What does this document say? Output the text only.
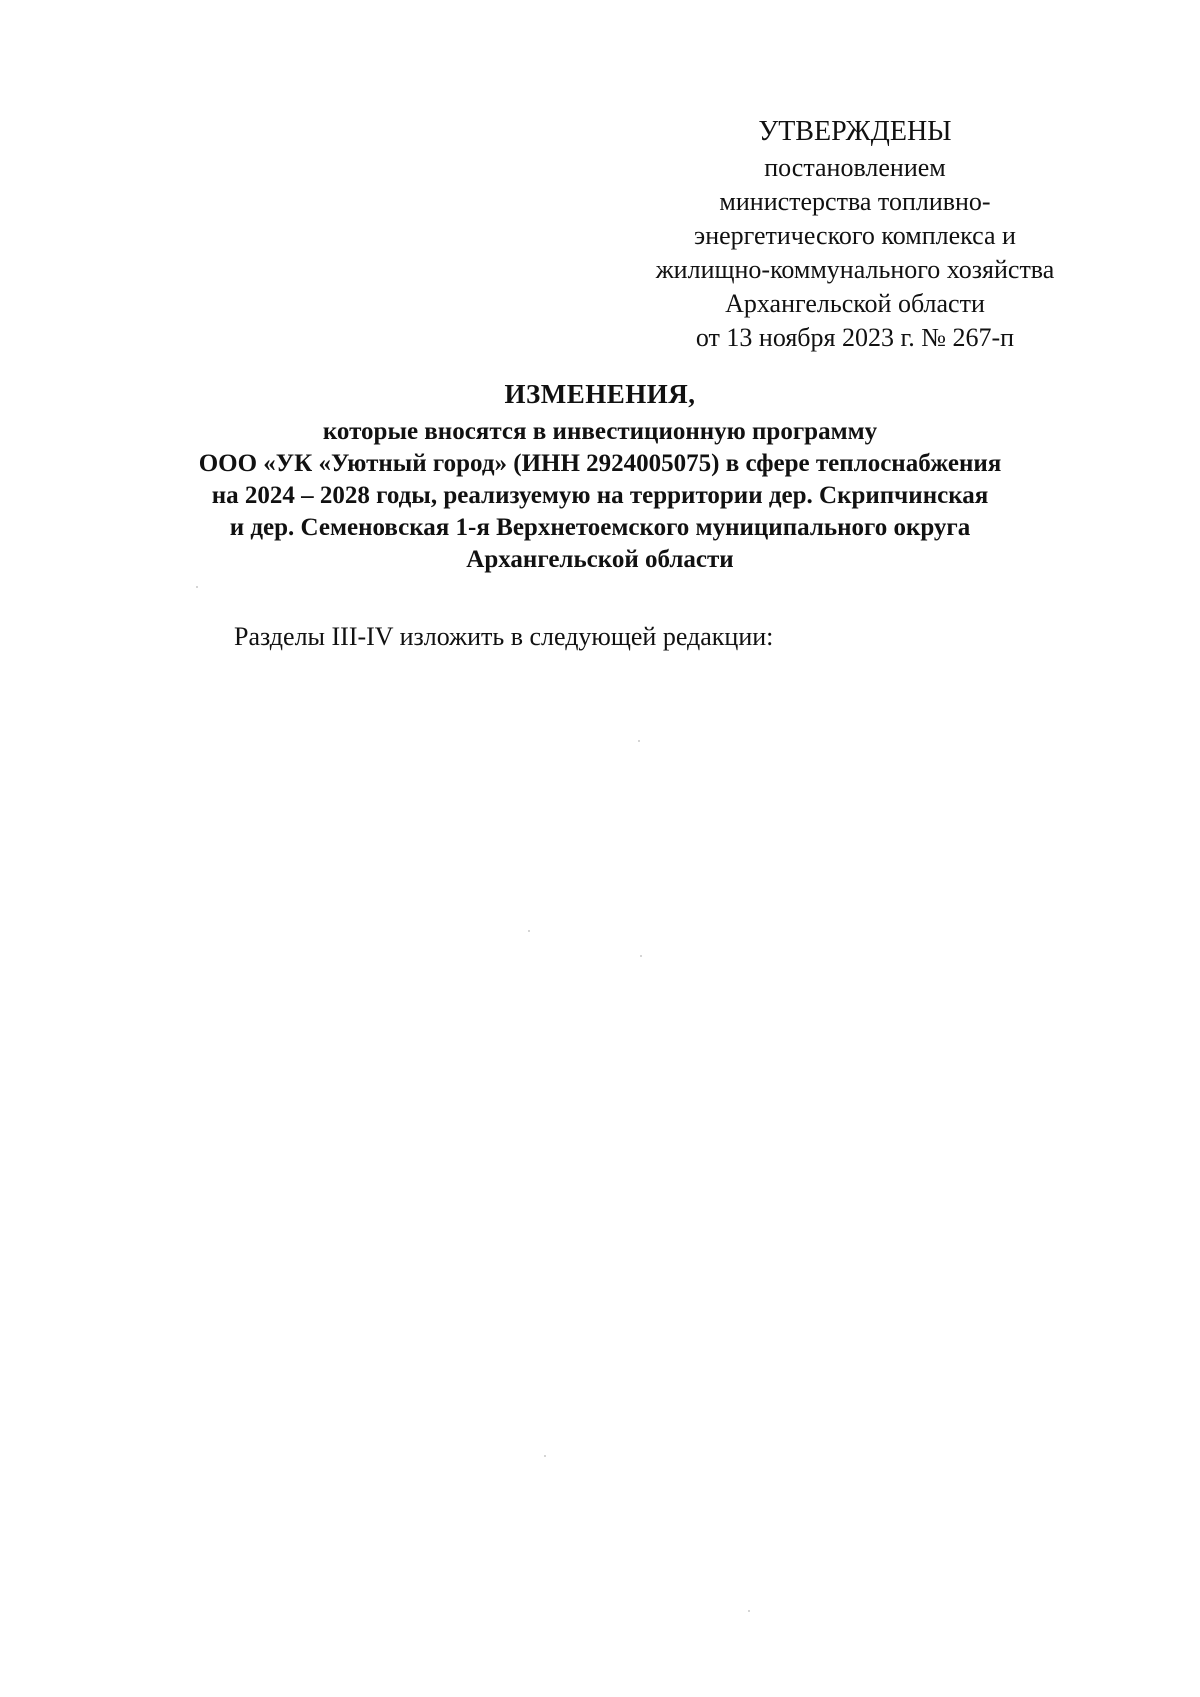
УТВЕРЖДЕНЫ
постановлением
министерства топливно-
энергетического комплекса и
жилищно-коммунального хозяйства
Архангельской области
от 13 ноября 2023 г. № 267-п
ИЗМЕНЕНИЯ,
которые вносятся в инвестиционную программу
ООО «УК «Уютный город» (ИНН 2924005075) в сфере теплоснабжения
на 2024 – 2028 годы, реализуемую на территории дер. Скрипчинская
и дер. Семеновская 1-я Верхнетоемского муниципального округа
Архангельской области
Разделы III-IV изложить в следующей редакции:
